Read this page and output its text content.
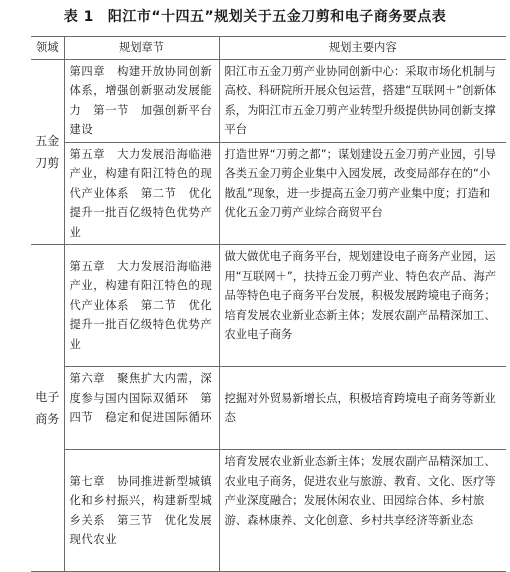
表 1 阳江市“十四五”规划关于五金刀剪和电子商务要点表
领域	规划章节	规划主要内容
五金刀剪	第四章　构建开放协同创新体系，增强创新驱动发展能力　第一节　加强创新平台建设	阳江市五金刀剪产业协同创新中心：采取市场化机制与高校、科研院所开展众包运营，搭建“互联网＋”创新体系，为阳江市五金刀剪产业转型升级提供协同创新支撑平台
	第五章　大力发展沿海临港产业，构建有阳江特色的现代产业体系　第二节　优化提升一批百亿级特色优势产业	打造世界“刀剪之都”；谋划建设五金刀剪产业园，引导各类五金刀剪企业集中入园发展，改变局部存在的“小散乱”现象，进一步提高五金刀剪产业集中度；打造和优化五金刀剪产业综合商贸平台
电子商务	第五章　大力发展沿海临港产业，构建有阳江特色的现代产业体系　第二节　优化提升一批百亿级特色优势产业	做大做优电子商务平台，规划建设电子商务产业园，运用“互联网＋”，扶持五金刀剪产业、特色农产品、海产品等特色电子商务平台发展，积极发展跨境电子商务；培育发展农业新业态新主体；发展农副产品精深加工、农业电子商务
	第六章　聚焦扩大内需，深度参与国内国际双循环　第四节　稳定和促进国际循环	挖掘对外贸易新增长点，积极培育跨境电子商务等新业态
	第七章　协同推进新型城镇化和乡村振兴，构建新型城乡关系　第三节　优化发展现代农业	培育发展农业新业态新主体；发展农副产品精深加工、农业电子商务，促进农业与旅游、教育、文化、医疗等产业深度融合；发展休闲农业、田园综合体、乡村旅游、森林康养、文化创意、乡村共享经济等新业态
